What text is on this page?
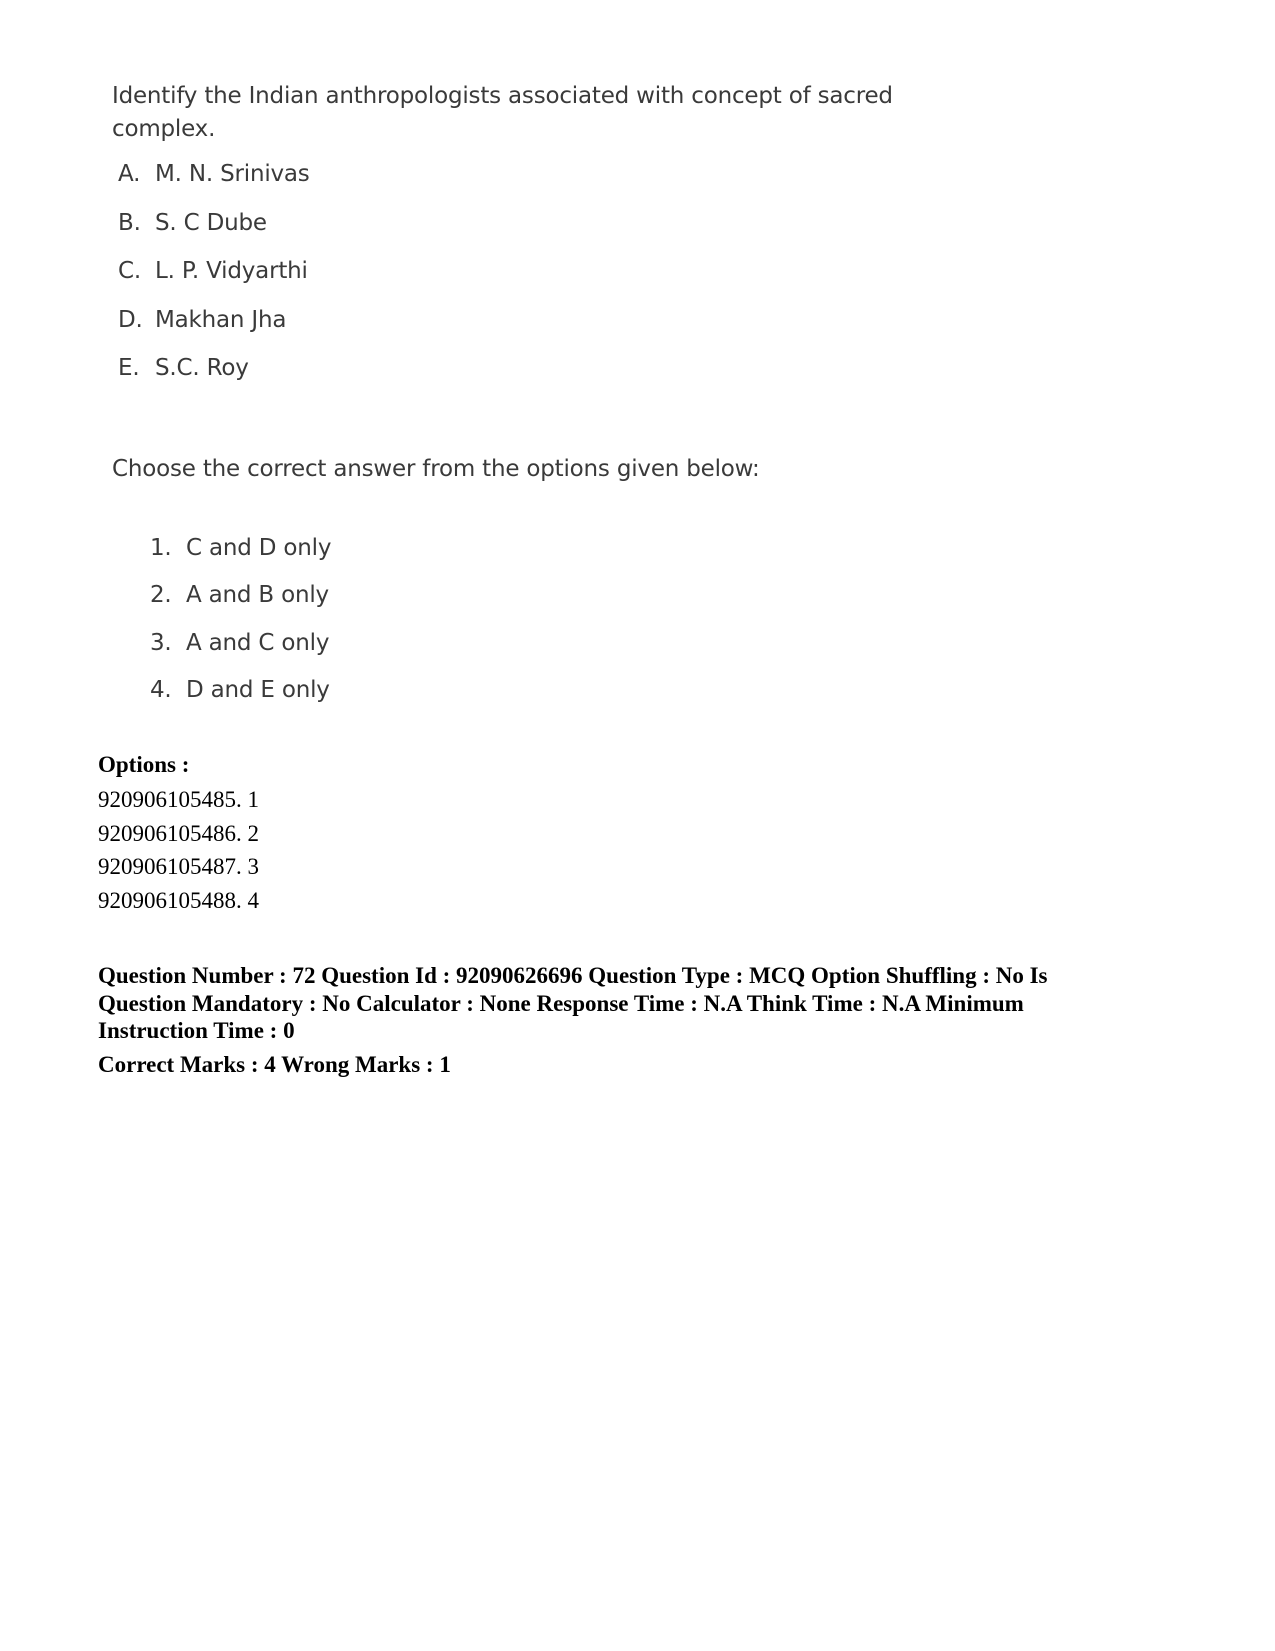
Identify the Indian anthropologists associated with concept of sacred
complex.

A. M. N. Srinivas
B. S. C Dube
C. L. P. Vidyarthi
D. Makhan Jha
E. S.C. Roy

Choose the correct answer from the options given below:

1. C and D only
2. A and B only
3. A and C only
4. D and E only

Options :

920906105485. 1

920906105486. 2

920906105487. 3

920906105488. 4

Question Number : 72 Question Id : 92090626696 Question Type : MCQ Option Shuffling : No Is

Question Mandatory : No Calculator : None Response Time : N.A Think Time : N.A Minimum

Instruction Time : 0

Correct Marks : 4 Wrong Marks : 1
